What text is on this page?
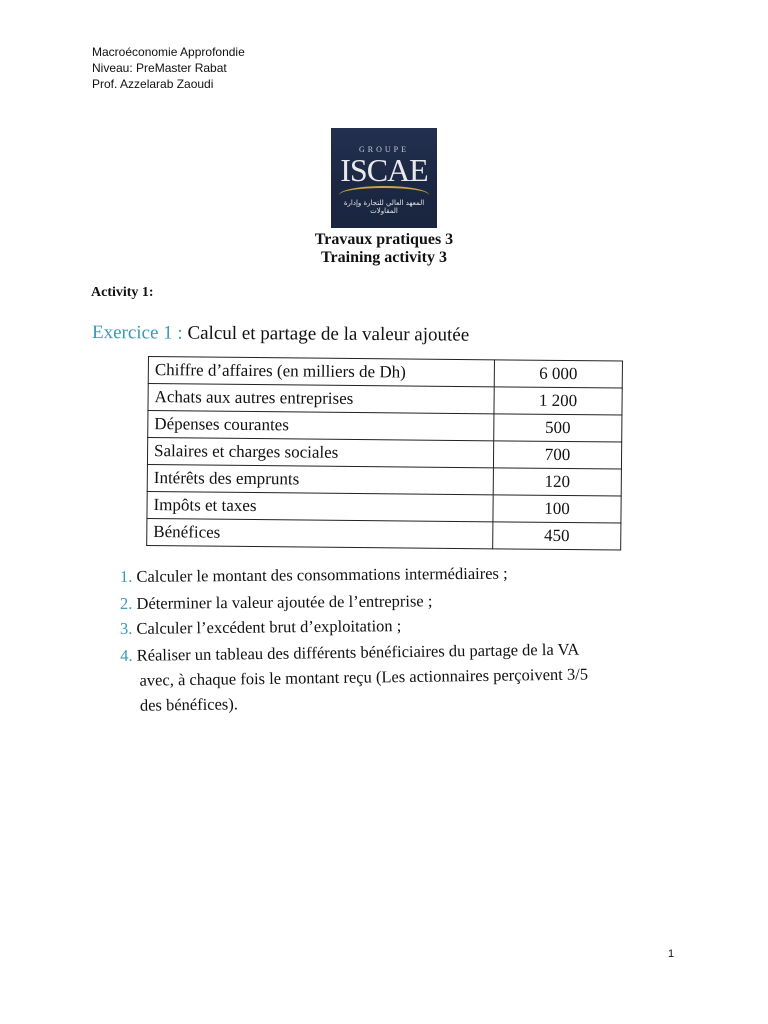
Macroéconomie Approfondie
Niveau: PreMaster Rabat
Prof. Azzelarab Zaoudi
GROUPE
ISCAE
المعهد العالي للتجارة وإدارة المقاولات
Travaux pratiques 3
Training activity 3
Activity 1:
Exercice 1 : Calcul et partage de la valeur ajoutée
Chiffre d’affaires (en milliers de Dh)	6 000
Achats aux autres entreprises	1 200
Dépenses courantes	500
Salaires et charges sociales	700
Intérêts des emprunts	120
Impôts et taxes	100
Bénéfices	450
1. Calculer le montant des consommations intermédiaires ;
2. Déterminer la valeur ajoutée de l’entreprise ;
3. Calculer l’excédent brut d’exploitation ;
4. Réaliser un tableau des différents bénéficiaires du partage de la VA
avec, à chaque fois le montant reçu (Les actionnaires perçoivent 3/5
des bénéfices).
1
